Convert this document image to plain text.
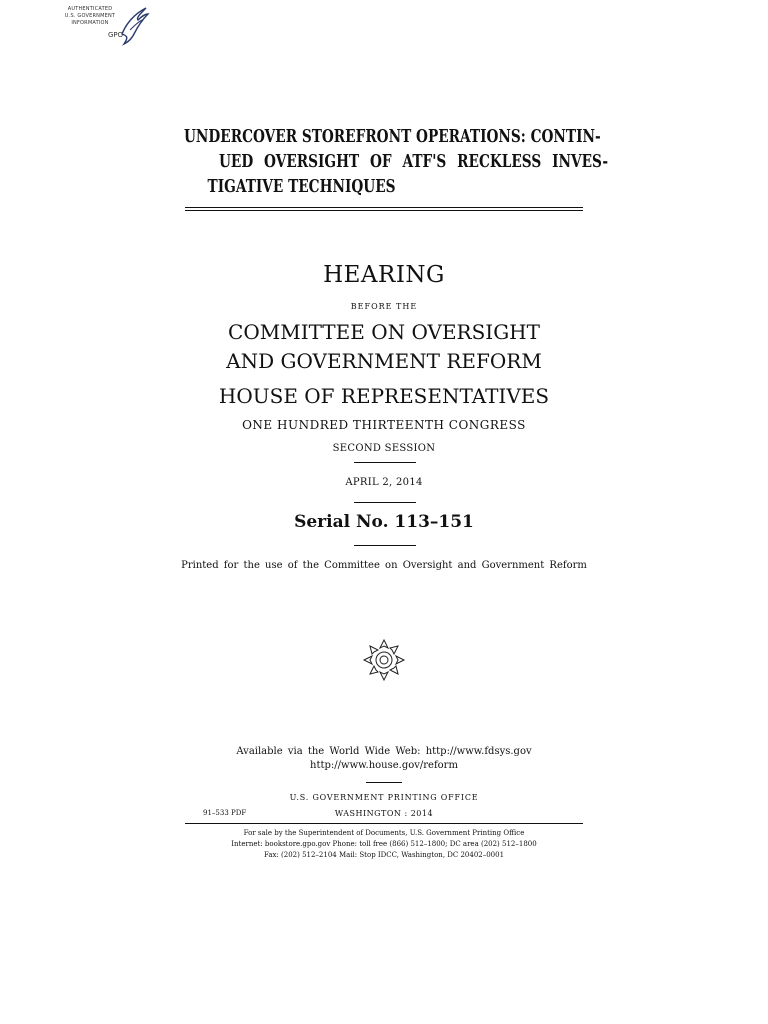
AUTHENTICATED
U.S. GOVERNMENT
INFORMATION
GPO
UNDERCOVER STOREFRONT OPERATIONS: CONTIN-
UED OVERSIGHT OF ATF'S RECKLESS INVES-
TIGATIVE TECHNIQUES
HEARING
BEFORE THE
COMMITTEE ON OVERSIGHT
AND GOVERNMENT REFORM
HOUSE OF REPRESENTATIVES
ONE HUNDRED THIRTEENTH CONGRESS
SECOND SESSION
APRIL 2, 2014
Serial No. 113–151
Printed for the use of the Committee on Oversight and Government Reform
Available via the World Wide Web: http://www.fdsys.gov
http://www.house.gov/reform
U.S. GOVERNMENT PRINTING OFFICE
91–533 PDF	WASHINGTON : 2014
For sale by the Superintendent of Documents, U.S. Government Printing Office
Internet: bookstore.gpo.gov Phone: toll free (866) 512–1800; DC area (202) 512–1800
Fax: (202) 512–2104 Mail: Stop IDCC, Washington, DC 20402–0001
